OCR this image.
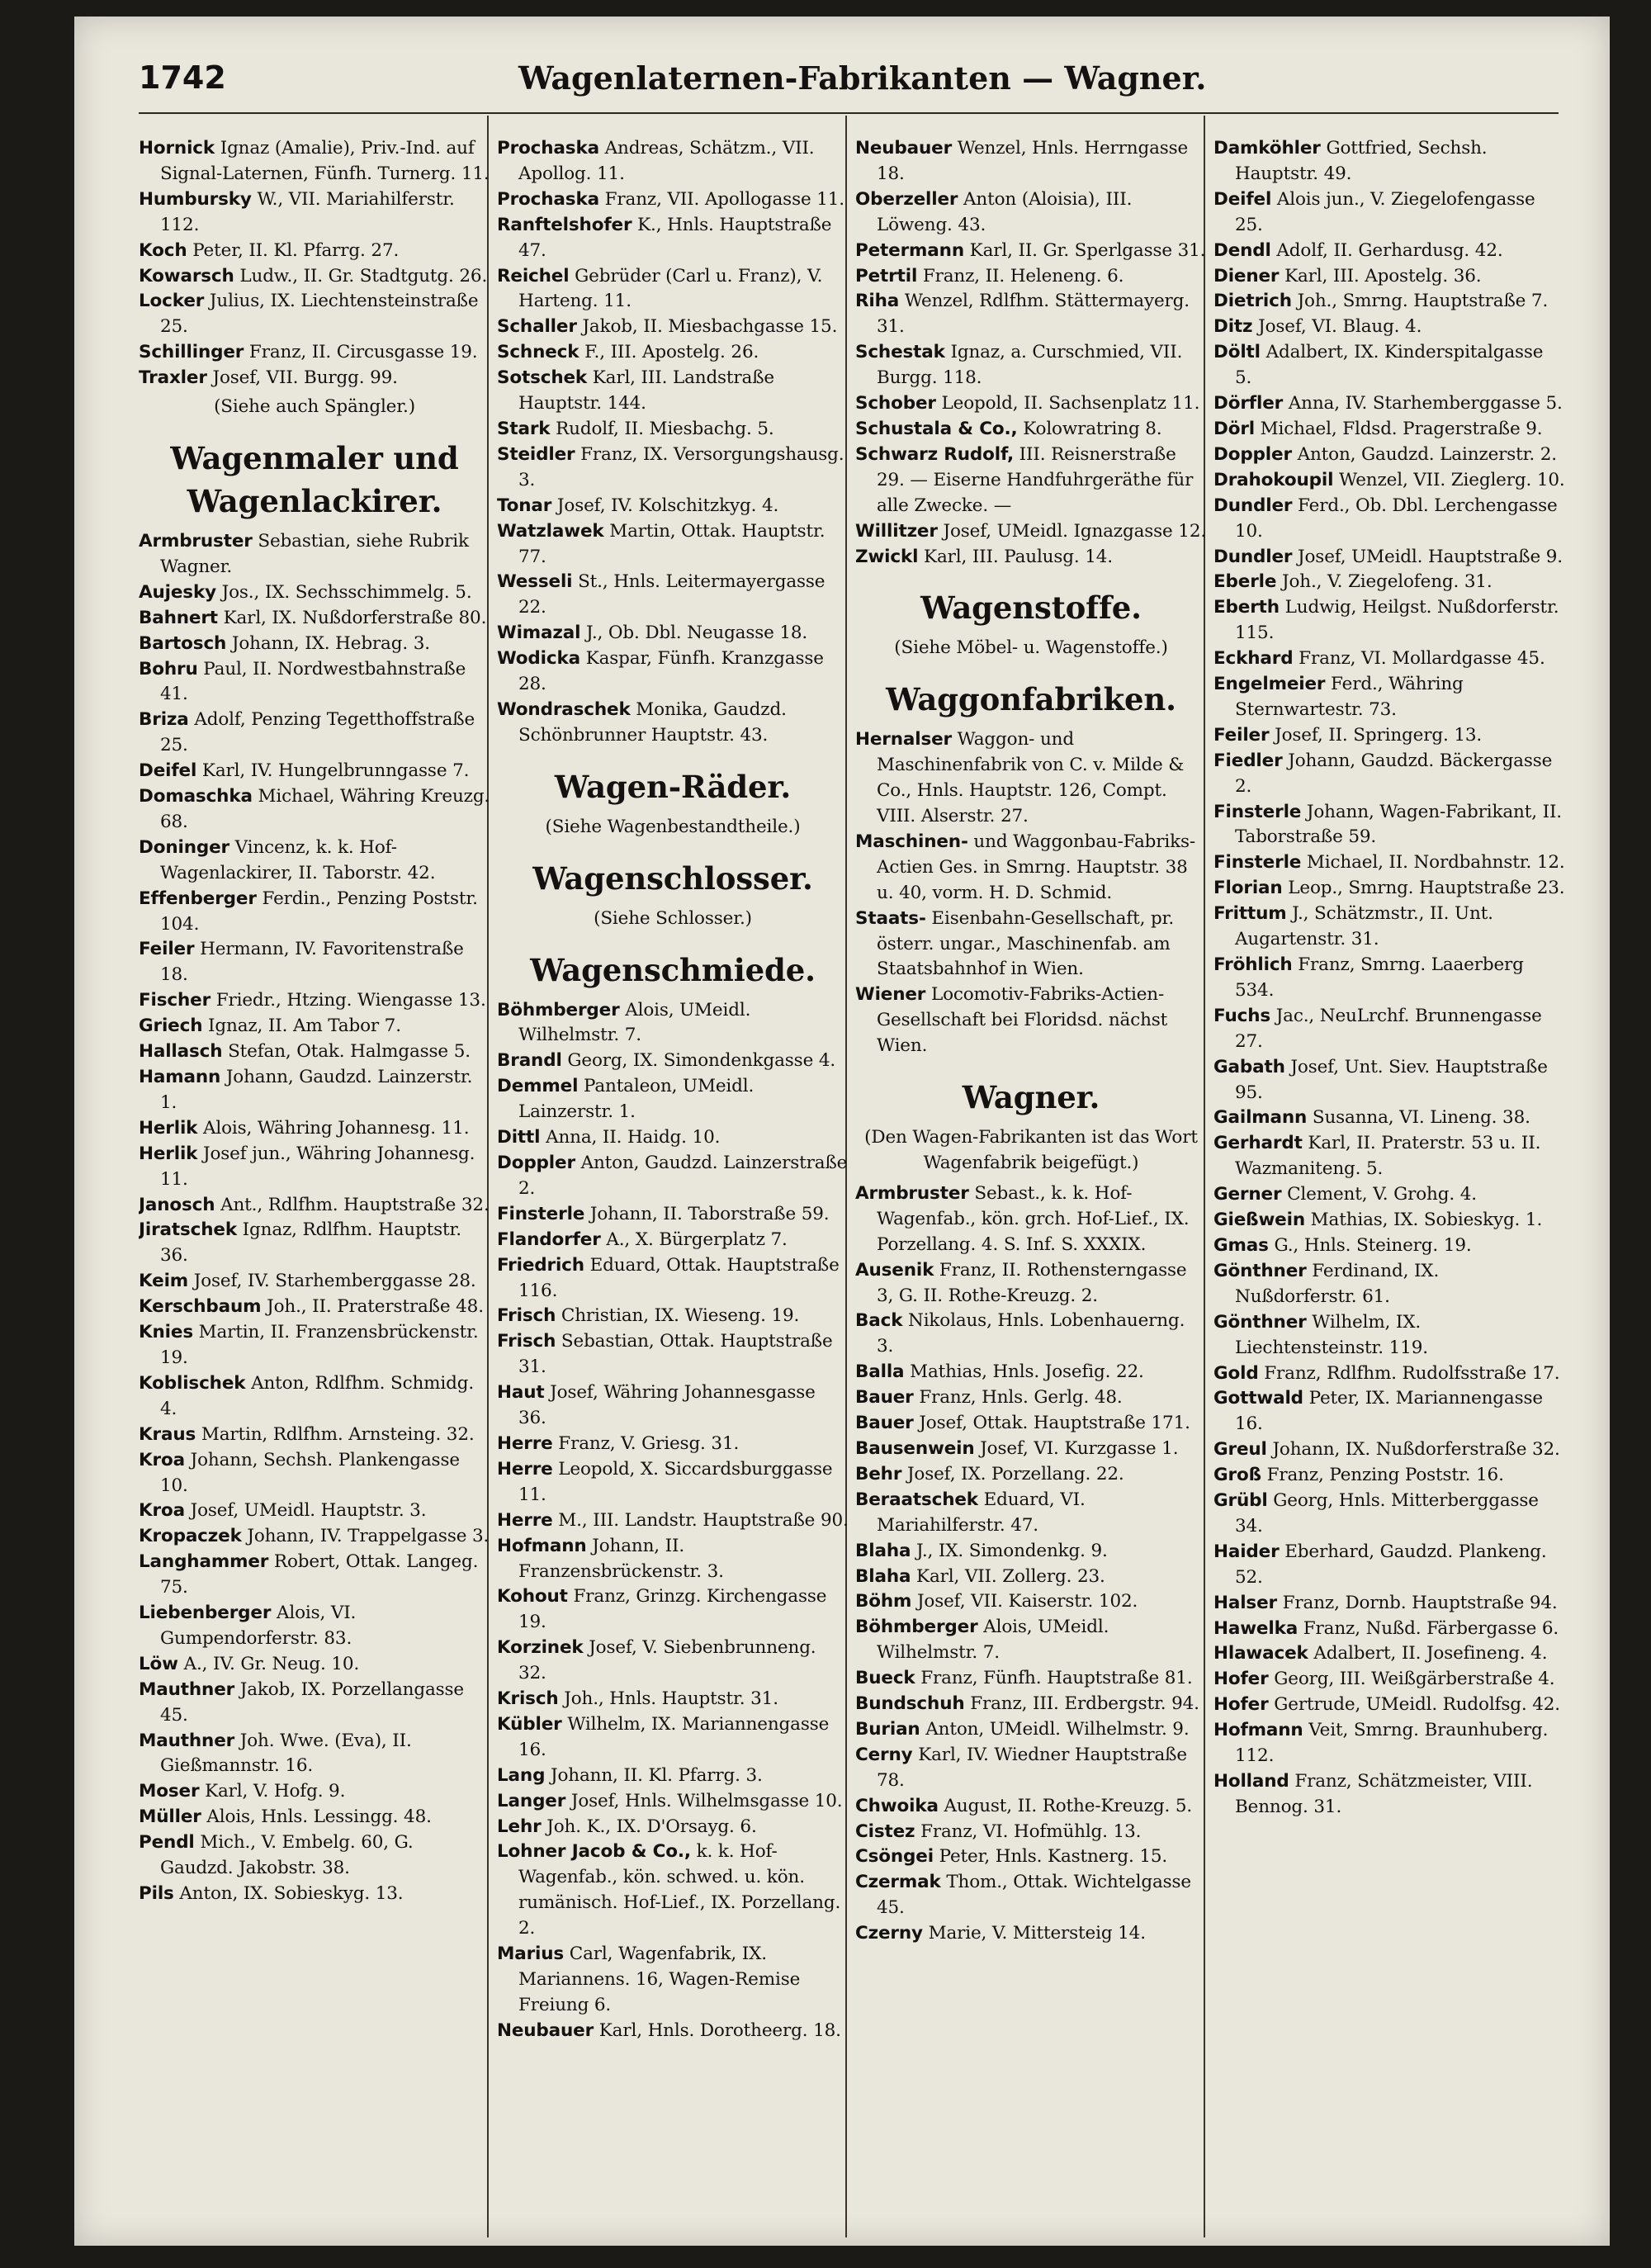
1742	Wagenlaternen-Fabrikanten — Wagner.

Hornick Ignaz (Amalie), Priv.-Ind. auf Signal-Laternen, Fünfh. Turnerg. 11.

Humbursky W., VII. Mariahilferstr. 112.

Koch Peter, II. Kl. Pfarrg. 27.

Kowarsch Ludw., II. Gr. Stadtgutg. 26.

Locker Julius, IX. Liechtensteinstraße 25.

Schillinger Franz, II. Circusgasse 19.

Traxler Josef, VII. Burgg. 99.

(Siehe auch Spängler.)
Wagenmaler und Wagenlackirer.

Armbruster Sebastian, siehe Rubrik Wagner.

Aujesky Jos., IX. Sechsschimmelg. 5.

Bahnert Karl, IX. Nußdorferstraße 80.

Bartosch Johann, IX. Hebrag. 3.

Bohru Paul, II. Nordwestbahnstraße 41.

Briza Adolf, Penzing Tegetthoffstraße 25.

Deifel Karl, IV. Hungelbrunngasse 7.

Domaschka Michael, Währing Kreuzg. 68.

Doninger Vincenz, k. k. Hof-Wagenlackirer, II. Taborstr. 42.

Effenberger Ferdin., Penzing Poststr. 104.

Feiler Hermann, IV. Favoritenstraße 18.

Fischer Friedr., Htzing. Wiengasse 13.

Griech Ignaz, II. Am Tabor 7.

Hallasch Stefan, Otak. Halmgasse 5.

Hamann Johann, Gaudzd. Lainzerstr. 1.

Herlik Alois, Währing Johannesg. 11.

Herlik Josef jun., Währing Johannesg. 11.

Janosch Ant., Rdlfhm. Hauptstraße 32.

Jiratschek Ignaz, Rdlfhm. Hauptstr. 36.

Keim Josef, IV. Starhemberggasse 28.

Kerschbaum Joh., II. Praterstraße 48.

Knies Martin, II. Franzensbrückenstr. 19.

Koblischek Anton, Rdlfhm. Schmidg. 4.

Kraus Martin, Rdlfhm. Arnsteing. 32.

Kroa Johann, Sechsh. Plankengasse 10.

Kroa Josef, UMeidl. Hauptstr. 3.

Kropaczek Johann, IV. Trappelgasse 3.

Langhammer Robert, Ottak. Langeg. 75.

Liebenberger Alois, VI. Gumpendorferstr. 83.

Löw A., IV. Gr. Neug. 10.

Mauthner Jakob, IX. Porzellangasse 45.

Mauthner Joh. Wwe. (Eva), II. Gießmannstr. 16.

Moser Karl, V. Hofg. 9.

Müller Alois, Hnls. Lessingg. 48.

Pendl Mich., V. Embelg. 60, G. Gaudzd. Jakobstr. 38.

Pils Anton, IX. Sobieskyg. 13.

Prochaska Andreas, Schätzm., VII. Apollog. 11.

Prochaska Franz, VII. Apollogasse 11.

Ranftelshofer K., Hnls. Hauptstraße 47.

Reichel Gebrüder (Carl u. Franz), V. Harteng. 11.

Schaller Jakob, II. Miesbachgasse 15.

Schneck F., III. Apostelg. 26.

Sotschek Karl, III. Landstraße Hauptstr. 144.

Stark Rudolf, II. Miesbachg. 5.

Steidler Franz, IX. Versorgungshausg. 3.

Tonar Josef, IV. Kolschitzkyg. 4.

Watzlawek Martin, Ottak. Hauptstr. 77.

Wesseli St., Hnls. Leitermayergasse 22.

Wimazal J., Ob. Dbl. Neugasse 18.

Wodicka Kaspar, Fünfh. Kranzgasse 28.

Wondraschek Monika, Gaudzd. Schönbrunner Hauptstr. 43.

Wagen-Räder.
(Siehe Wagenbestandtheile.)
Wagenschlosser.
(Siehe Schlosser.)
Wagenschmiede.

Böhmberger Alois, UMeidl. Wilhelmstr. 7.

Brandl Georg, IX. Simondenkgasse 4.

Demmel Pantaleon, UMeidl. Lainzerstr. 1.

Dittl Anna, II. Haidg. 10.

Doppler Anton, Gaudzd. Lainzerstraße 2.

Finsterle Johann, II. Taborstraße 59.

Flandorfer A., X. Bürgerplatz 7.

Friedrich Eduard, Ottak. Hauptstraße 116.

Frisch Christian, IX. Wieseng. 19.

Frisch Sebastian, Ottak. Hauptstraße 31.

Haut Josef, Währing Johannesgasse 36.

Herre Franz, V. Griesg. 31.

Herre Leopold, X. Siccardsburggasse 11.

Herre M., III. Landstr. Hauptstraße 90.

Hofmann Johann, II. Franzensbrückenstr. 3.

Kohout Franz, Grinzg. Kirchengasse 19.

Korzinek Josef, V. Siebenbrunneng. 32.

Krisch Joh., Hnls. Hauptstr. 31.

Kübler Wilhelm, IX. Mariannengasse 16.

Lang Johann, II. Kl. Pfarrg. 3.

Langer Josef, Hnls. Wilhelmsgasse 10.

Lehr Joh. K., IX. D'Orsayg. 6.

Lohner Jacob & Co., k. k. Hof-Wagenfab., kön. schwed. u. kön. rumänisch. Hof-Lief., IX. Porzellang. 2.

Marius Carl, Wagenfabrik, IX. Mariannens. 16, Wagen-Remise Freiung 6.

Neubauer Karl, Hnls. Dorotheerg. 18.

Neubauer Wenzel, Hnls. Herrngasse 18.

Oberzeller Anton (Aloisia), III. Löweng. 43.

Petermann Karl, II. Gr. Sperlgasse 31.

Petrtil Franz, II. Heleneng. 6.

Riha Wenzel, Rdlfhm. Stättermayerg. 31.

Schestak Ignaz, a. Curschmied, VII. Burgg. 118.

Schober Leopold, II. Sachsenplatz 11.

Schustala & Co., Kolowratring 8.

Schwarz Rudolf, III. Reisnerstraße 29. — Eiserne Handfuhrgeräthe für alle Zwecke. —

Willitzer Josef, UMeidl. Ignazgasse 12.

Zwickl Karl, III. Paulusg. 14.

Wagenstoffe.
(Siehe Möbel- u. Wagenstoffe.)
Waggonfabriken.

Hernalser Waggon- und Maschinenfabrik von C. v. Milde & Co., Hnls. Hauptstr. 126, Compt. VIII. Alserstr. 27.

Maschinen- und Waggonbau-Fabriks-Actien Ges. in Smrng. Hauptstr. 38 u. 40, vorm. H. D. Schmid.

Staats- Eisenbahn-Gesellschaft, pr. österr. ungar., Maschinenfab. am Staatsbahnhof in Wien.

Wiener Locomotiv-Fabriks-Actien-Gesellschaft bei Floridsd. nächst Wien.

Wagner.
(Den Wagen-Fabrikanten ist das Wort Wagenfabrik beigefügt.)

Armbruster Sebast., k. k. Hof-Wagenfab., kön. grch. Hof-Lief., IX. Porzellang. 4. S. Inf. S. XXXIX.

Ausenik Franz, II. Rothensterngasse 3, G. II. Rothe-Kreuzg. 2.

Back Nikolaus, Hnls. Lobenhauerng. 3.

Balla Mathias, Hnls. Josefig. 22.

Bauer Franz, Hnls. Gerlg. 48.

Bauer Josef, Ottak. Hauptstraße 171.

Bausenwein Josef, VI. Kurzgasse 1.

Behr Josef, IX. Porzellang. 22.

Beraatschek Eduard, VI. Mariahilferstr. 47.

Blaha J., IX. Simondenkg. 9.

Blaha Karl, VII. Zollerg. 23.

Böhm Josef, VII. Kaiserstr. 102.

Böhmberger Alois, UMeidl. Wilhelmstr. 7.

Bueck Franz, Fünfh. Hauptstraße 81.

Bundschuh Franz, III. Erdbergstr. 94.

Burian Anton, UMeidl. Wilhelmstr. 9.

Cerny Karl, IV. Wiedner Hauptstraße 78.

Chwoika August, II. Rothe-Kreuzg. 5.

Cistez Franz, VI. Hofmühlg. 13.

Csöngei Peter, Hnls. Kastnerg. 15.

Czermak Thom., Ottak. Wichtelgasse 45.

Czerny Marie, V. Mittersteig 14.

Damköhler Gottfried, Sechsh. Hauptstr. 49.

Deifel Alois jun., V. Ziegelofengasse 25.

Dendl Adolf, II. Gerhardusg. 42.

Diener Karl, III. Apostelg. 36.

Dietrich Joh., Smrng. Hauptstraße 7.

Ditz Josef, VI. Blaug. 4.

Döltl Adalbert, IX. Kinderspitalgasse 5.

Dörfler Anna, IV. Starhemberggasse 5.

Dörl Michael, Fldsd. Pragerstraße 9.

Doppler Anton, Gaudzd. Lainzerstr. 2.

Drahokoupil Wenzel, VII. Zieglerg. 10.

Dundler Ferd., Ob. Dbl. Lerchengasse 10.

Dundler Josef, UMeidl. Hauptstraße 9.

Eberle Joh., V. Ziegelofeng. 31.

Eberth Ludwig, Heilgst. Nußdorferstr. 115.

Eckhard Franz, VI. Mollardgasse 45.

Engelmeier Ferd., Währing Sternwartestr. 73.

Feiler Josef, II. Springerg. 13.

Fiedler Johann, Gaudzd. Bäckergasse 2.

Finsterle Johann, Wagen-Fabrikant, II. Taborstraße 59.

Finsterle Michael, II. Nordbahnstr. 12.

Florian Leop., Smrng. Hauptstraße 23.

Frittum J., Schätzmstr., II. Unt. Augartenstr. 31.

Fröhlich Franz, Smrng. Laaerberg 534.

Fuchs Jac., NeuLrchf. Brunnengasse 27.

Gabath Josef, Unt. Siev. Hauptstraße 95.

Gailmann Susanna, VI. Lineng. 38.

Gerhardt Karl, II. Praterstr. 53 u. II. Wazmaniteng. 5.

Gerner Clement, V. Grohg. 4.

Gießwein Mathias, IX. Sobieskyg. 1.

Gmas G., Hnls. Steinerg. 19.

Gönthner Ferdinand, IX. Nußdorferstr. 61.

Gönthner Wilhelm, IX. Liechtensteinstr. 119.

Gold Franz, Rdlfhm. Rudolfsstraße 17.

Gottwald Peter, IX. Mariannengasse 16.

Greul Johann, IX. Nußdorferstraße 32.

Groß Franz, Penzing Poststr. 16.

Grübl Georg, Hnls. Mitterberggasse 34.

Haider Eberhard, Gaudzd. Plankeng. 52.

Halser Franz, Dornb. Hauptstraße 94.

Hawelka Franz, Nußd. Färbergasse 6.

Hlawacek Adalbert, II. Josefineng. 4.

Hofer Georg, III. Weißgärberstraße 4.

Hofer Gertrude, UMeidl. Rudolfsg. 42.

Hofmann Veit, Smrng. Braunhuberg. 112.

Holland Franz, Schätzmeister, VIII. Bennog. 31.
